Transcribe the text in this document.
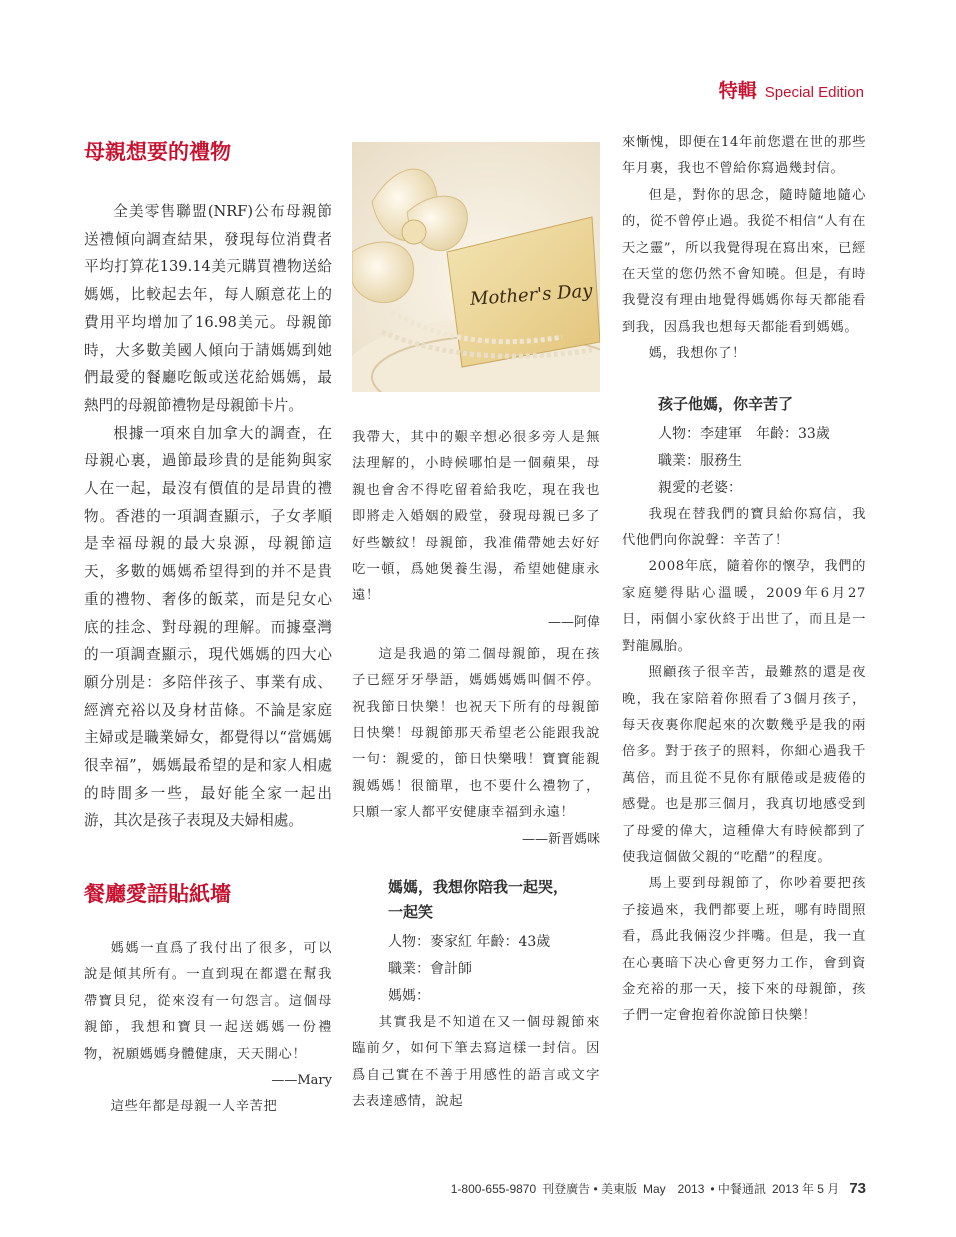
特輯 Special Edition
母親想要的禮物

全美零售聯盟(NRF)公布母親節送禮傾向調查結果，發現每位消費者平均打算花139.14美元購買禮物送給媽媽，比較起去年，每人願意花上的費用平均增加了16.98美元。母親節時，大多數美國人傾向于請媽媽到她們最愛的餐廳吃飯或送花給媽媽，最熱門的母親節禮物是母親節卡片。

根據一項來自加拿大的調查，在母親心裏，過節最珍貴的是能夠與家人在一起，最沒有價值的是昂貴的禮物。香港的一項調查顯示，子女孝順是幸福母親的最大泉源，母親節這天，多數的媽媽希望得到的并不是貴重的禮物、奢侈的飯菜，而是兒女心底的挂念、對母親的理解。而據臺灣的一項調查顯示，現代媽媽的四大心願分別是：多陪伴孩子、事業有成、經濟充裕以及身材苗條。不論是家庭主婦或是職業婦女，都覺得以“當媽媽很幸福”，媽媽最希望的是和家人相處的時間多一些，最好能全家一起出游，其次是孩子表現及夫婦相處。

餐廳愛語貼紙墻

媽媽一直爲了我付出了很多，可以說是傾其所有。一直到現在都還在幫我帶寶貝兒，從來沒有一句怨言。這個母親節，我想和寶貝一起送媽媽一份禮物，祝願媽媽身體健康，天天開心！

——Mary

這些年都是母親一人辛苦把

Mother's Day

我帶大，其中的艱辛想必很多旁人是無法理解的，小時候哪怕是一個蘋果，母親也會舍不得吃留着給我吃，現在我也即將走入婚姻的殿堂，發現母親已多了好些皺紋！母親節，我准備帶她去好好吃一頓，爲她煲養生湯，希望她健康永遠！

——阿偉

這是我過的第二個母親節，現在孩子已經牙牙學語，媽媽媽媽叫個不停。祝我節日快樂！也祝天下所有的母親節日快樂！母親節那天希望老公能跟我說一句：親愛的，節日快樂哦！寶寶能親親媽媽！很簡單，也不要什么禮物了，只願一家人都平安健康幸福到永遠！

——新晋媽咪

媽媽，我想你陪我一起哭，

一起笑

人物：麥家紅 年齡：43歲

職業：會計師

媽媽：

其實我是不知道在又一個母親節來臨前夕，如何下筆去寫這樣一封信。因爲自己實在不善于用感性的語言或文字去表達感情，說起

來慚愧，即便在14年前您還在世的那些年月裏，我也不曾給你寫過幾封信。

但是，對你的思念，隨時隨地隨心的，從不曾停止過。我從不相信“人有在天之靈”，所以我覺得現在寫出來，已經在天堂的您仍然不會知曉。但是，有時我覺沒有理由地覺得媽媽你每天都能看到我，因爲我也想每天都能看到媽媽。

媽，我想你了！

孩子他媽，你辛苦了

人物：李建軍　年齡：33歲

職業：服務生

親愛的老婆：

我現在替我們的寶貝給你寫信，我代他們向你說聲：辛苦了！

2008年底，隨着你的懷孕，我們的家庭變得貼心溫暖，2009年6月27日，兩個小家伙終于出世了，而且是一對龍鳳胎。

照顧孩子很辛苦，最難熬的還是夜晚，我在家陪着你照看了3個月孩子，每天夜裏你爬起來的次數幾乎是我的兩倍多。對于孩子的照料，你細心過我千萬倍，而且從不見你有厭倦或是疲倦的感覺。也是那三個月，我真切地感受到了母愛的偉大，這種偉大有時候都到了使我這個做父親的“吃醋”的程度。

馬上要到母親節了，你吵着要把孩子接過來，我們都要上班，哪有時間照看，爲此我倆沒少拌嘴。但是，我一直在心裏暗下决心會更努力工作，會到資金充裕的那一天，接下來的母親節，孩子們一定會抱着你說節日快樂！

1-800-655-9870 刊登廣告 • 美東版 May　2013 • 中餐通訊 2013 年 5 月 73
